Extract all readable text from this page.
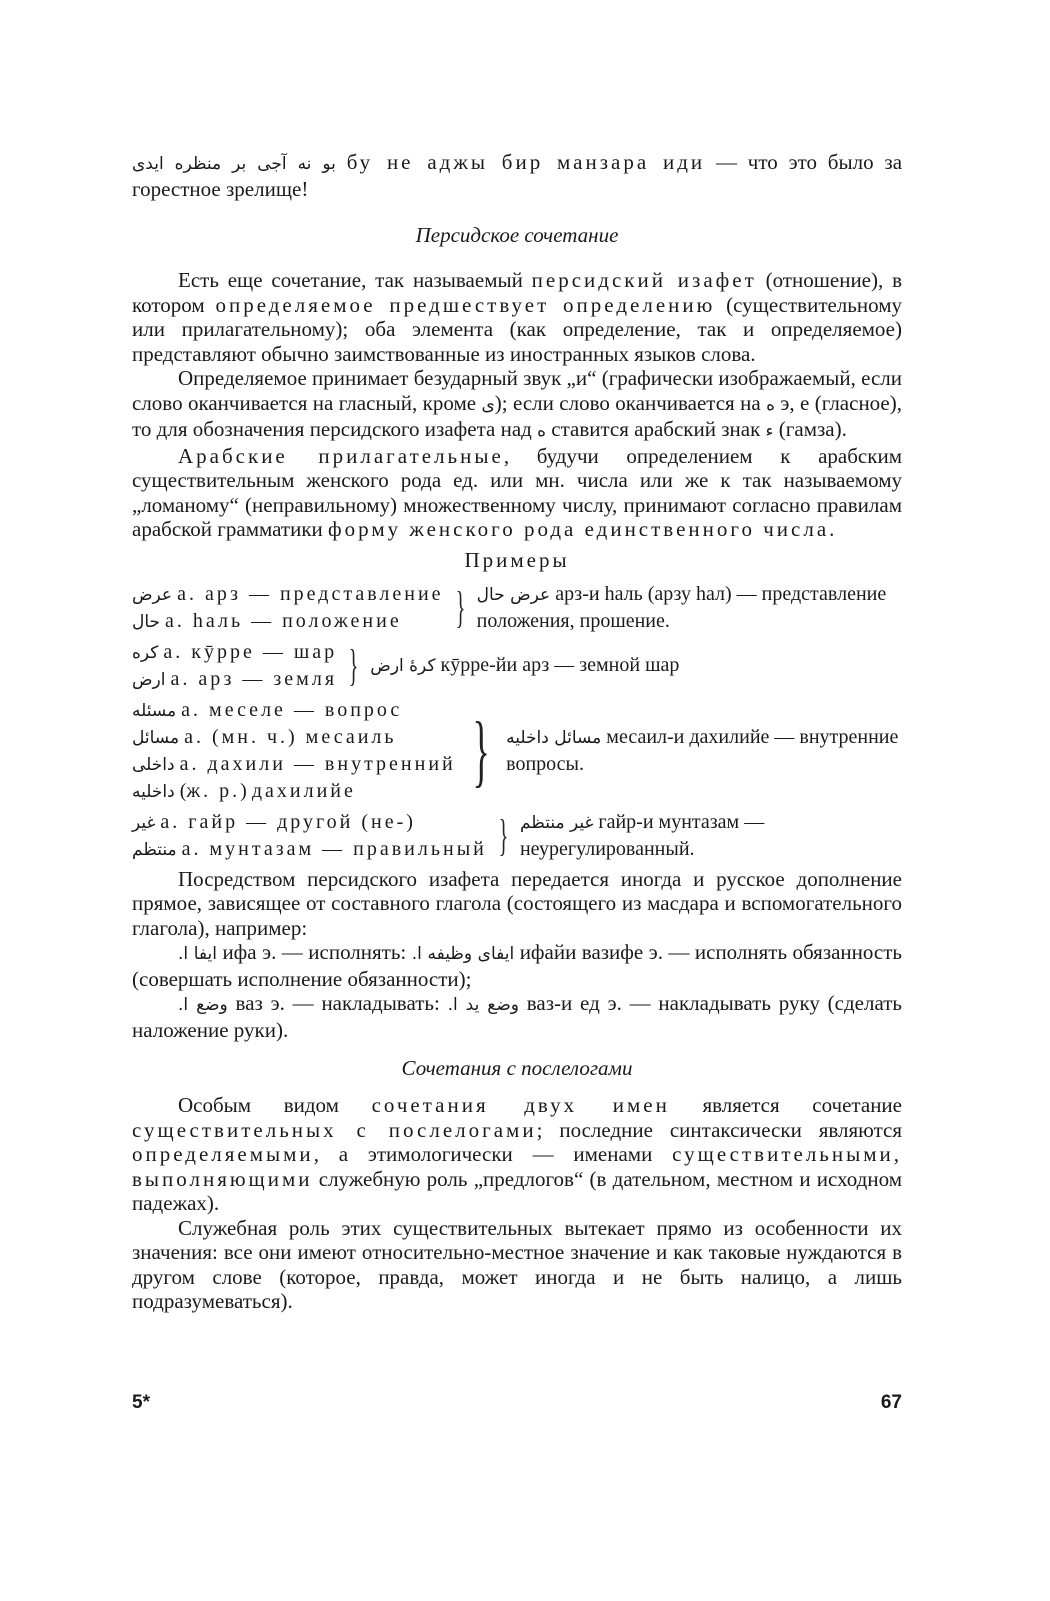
بو نه آجى بر منظره ايدى бу не аджы бир манзара иди — что это было за горестное зрелище!

Персидское сочетание

Есть еще сочетание, так называемый персидский изафет (отношение), в котором определяемое предшествует определению (существительному или прилагательному); оба элемента (как определение, так и определяемое) представляют обычно заимствованные из иностранных языков слова.

Определяемое принимает безударный звук „и“ (графически изображаемый, если слово оканчивается на гласный, кроме ى); если слово оканчивается на ه э, е (гласное), то для обозначения персидского изафета над ه ставится арабский знак ء (гамза).

Арабские прилагательные, будучи определением к арабским существительным женского рода ед. или мн. числа или же к так называемому „ломаному“ (неправильному) множественному числу, принимают согласно правилам арабской грамматики форму женского рода единственного числа.

Примеры
عرض а. арз — представление
حال а. hаль — положение	} عرض حال арз-и hаль (арзу hал) — представление положения, прошение.
كره а. кӯрре — шар
ارض а. арз — земля } كرهٔ ارض кӯрре-йи арз — земной шар
مسئله а. меселе — вопрос
مسائل а. (мн. ч.) месаиль
داخلى а. дахили — внутренний
داخليه (ж. р.) дахилийе	} مسائل داخليه месаил-и дахилийе — внутренние вопросы.
غير а. гайр — другой (не-)
منتظم а. мунтазам — правильный } غير منتظم гайр-и мунтазам — неурегулированный.

Посредством персидского изафета передается иногда и русское дополнение прямое, зависящее от составного глагола (состоящего из масдара и вспомогательного глагола), например:

ايفا ا. ифа э. — исполнять: ايفاى وظيفه ا. ифайи вазифе э. — исполнять обязанность (совершать исполнение обязанности);

وضع ا. ваз э. — накладывать: وضع يد ا. ваз-и ед э. — накладывать руку (сделать наложение руки).

Сочетания с послелогами

Особым видом сочетания двух имен является сочетание существительных с послелогами; последние синтаксически являются определяемыми, а этимологически — именами существительными, выполняющими служебную роль „предлогов“ (в дательном, местном и исходном падежах).

Служебная роль этих существительных вытекает прямо из особенности их значения: все они имеют относительно-местное значение и как таковые нуждаются в другом слове (которое, правда, может иногда и не быть налицо, а лишь подразумеваться).

5*	67
